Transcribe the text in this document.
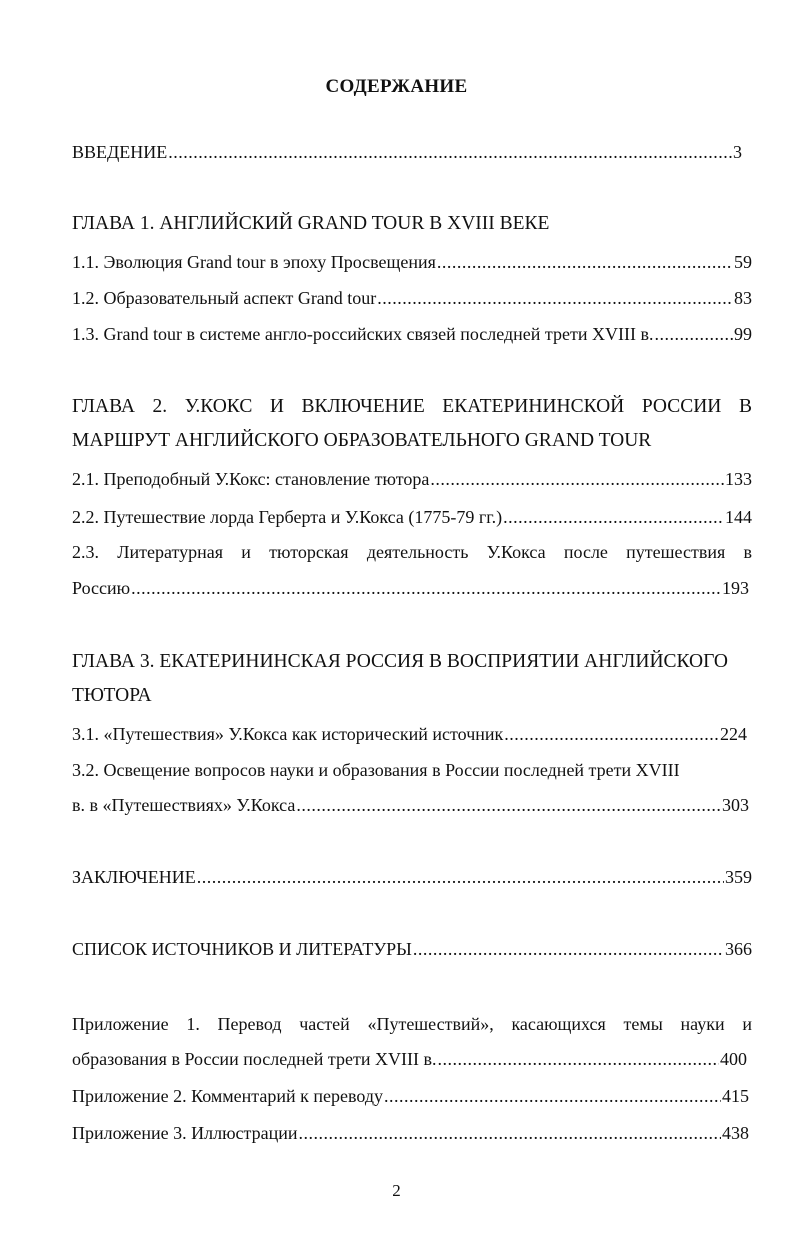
СОДЕРЖАНИЕ
ВВЕДЕНИЕ .....	3
ГЛАВА 1. АНГЛИЙСКИЙ GRAND TOUR В XVIII ВЕКЕ
1.1. Эволюция Grand tour в эпоху Просвещения .....	59
1.2. Образовательный аспект Grand tour .....	83
1.3. Grand tour в системе англо-российских связей последней трети XVIII в. .....	99
ГЛАВА 2. У.КОКС И ВКЛЮЧЕНИЕ ЕКАТЕРИНИНСКОЙ РОССИИ В
МАРШРУТ АНГЛИЙСКОГО ОБРАЗОВАТЕЛЬНОГО GRAND TOUR
2.1. Преподобный У.Кокс: становление тютора .....	133
2.2. Путешествие лорда Герберта и У.Кокса (1775-79 гг.) .....	144
2.3. Литературная и тюторская деятельность У.Кокса после путешествия в
Россию .....	193
ГЛАВА 3. ЕКАТЕРИНИНСКАЯ РОССИЯ В ВОСПРИЯТИИ АНГЛИЙСКОГО
ТЮТОРА
3.1. «Путешествия» У.Кокса как исторический источник .....	224
3.2. Освещение вопросов науки и образования в России последней трети XVIII
в. в «Путешествиях» У.Кокса .....	303
ЗАКЛЮЧЕНИЕ .....	359
СПИСОК ИСТОЧНИКОВ И ЛИТЕРАТУРЫ .....	366
Приложение 1. Перевод частей «Путешествий», касающихся темы науки и
образования в России последней трети XVIII в. .....	400
Приложение 2. Комментарий к переводу .....	415
Приложение 3. Иллюстрации .....	438
2
